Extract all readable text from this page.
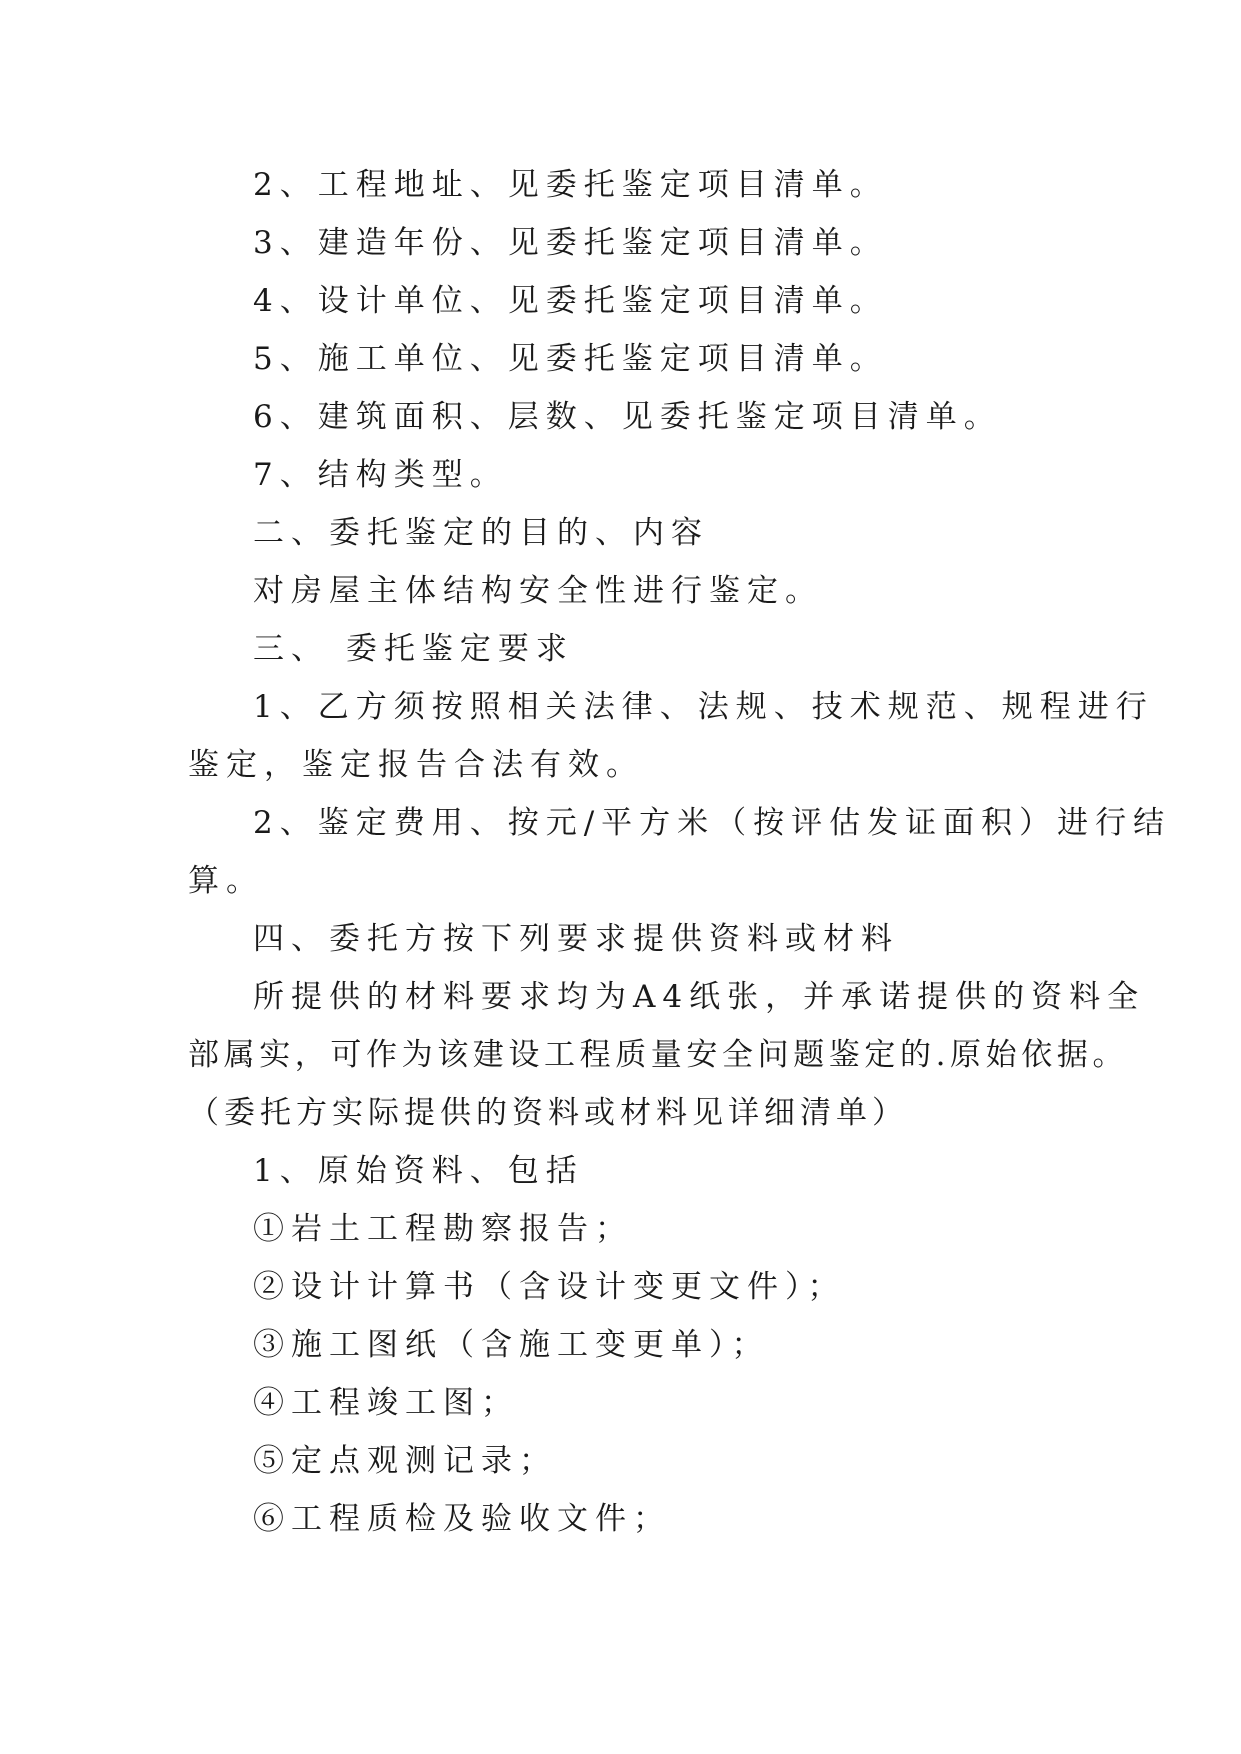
2、工程地址、见委托鉴定项目清单。
3、建造年份、见委托鉴定项目清单。
4、设计单位、见委托鉴定项目清单。
5、施工单位、见委托鉴定项目清单。
6、建筑面积、层数、见委托鉴定项目清单。
7、结构类型。
二、委托鉴定的目的、内容
对房屋主体结构安全性进行鉴定。
三、 委托鉴定要求
1、乙方须按照相关法律、法规、技术规范、规程进行
鉴定，鉴定报告合法有效。
2、鉴定费用、按元/平方米（按评估发证面积）进行结
算。
四、委托方按下列要求提供资料或材料
所提供的材料要求均为A4纸张，并承诺提供的资料全
部属实，可作为该建设工程质量安全问题鉴定的.原始依据。
（委托方实际提供的资料或材料见详细清单）
1、原始资料、包括
①岩土工程勘察报告；
②设计计算书（含设计变更文件）；
③施工图纸（含施工变更单）；
④工程竣工图；
⑤定点观测记录；
⑥工程质检及验收文件；
